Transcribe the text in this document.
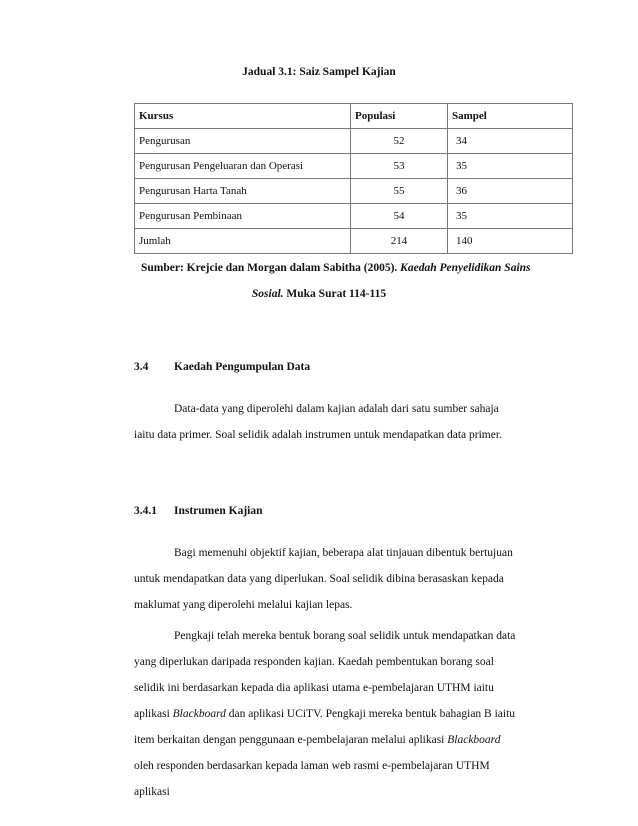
Jadual 3.1: Saiz Sampel Kajian
Kursus	Populasi	Sampel
Pengurusan	52	34
Pengurusan Pengeluaran dan Operasi	53	35
Pengurusan Harta Tanah	55	36
Pengurusan Pembinaan	54	35
Jumlah	214	140
Sumber: Krejcie dan Morgan dalam Sabitha (2005). Kaedah Penyelidikan Sains
Sosial. Muka Surat 114-115
3.4 Kaedah Pengumpulan Data
Data-data yang diperolehi dalam kajian adalah dari satu sumber sahaja iaitu data primer. Soal selidik adalah instrumen untuk mendapatkan data primer.
3.4.1 Instrumen Kajian
Bagi memenuhi objektif kajian, beberapa alat tinjauan dibentuk bertujuan untuk mendapatkan data yang diperlukan. Soal selidik dibina berasaskan kepada maklumat yang diperolehi melalui kajian lepas.
Pengkaji telah mereka bentuk borang soal selidik untuk mendapatkan data yang diperlukan daripada responden kajian. Kaedah pembentukan borang soal selidik ini berdasarkan kepada dia aplikasi utama e-pembelajaran UTHM iaitu aplikasi Blackboard dan aplikasi UCiTV. Pengkaji mereka bentuk bahagian B iaitu item berkaitan dengan penggunaan e-pembelajaran melalui aplikasi Blackboard oleh responden berdasarkan kepada laman web rasmi e-pembelajaran UTHM aplikasi
